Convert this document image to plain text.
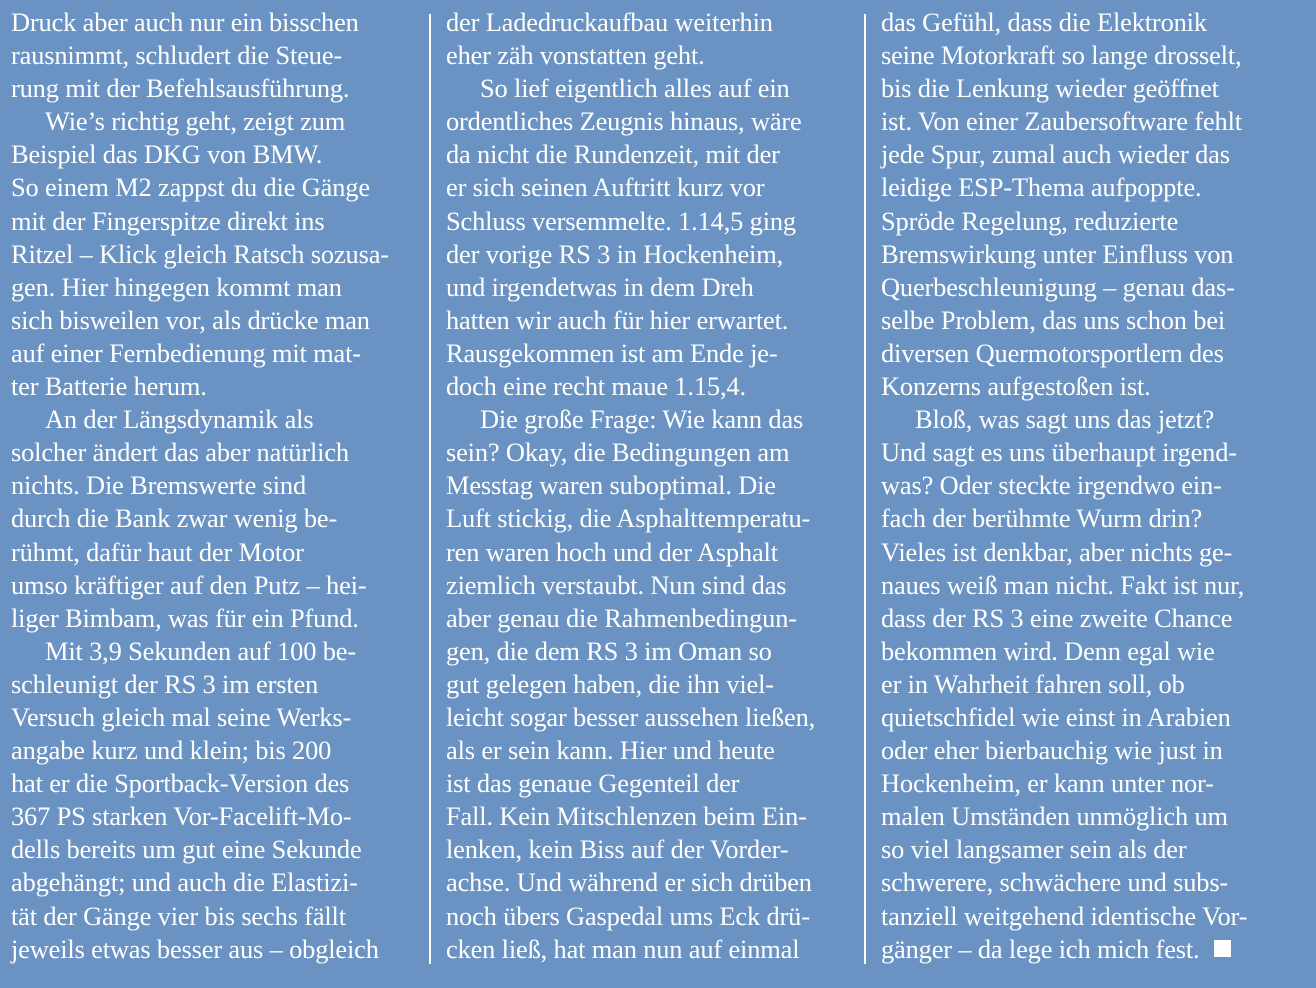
Druck aber auch nur ein bisschen
rausnimmt, schludert die Steue-
rung mit der Befehlsausführung.
Wie’s richtig geht, zeigt zum
Beispiel das DKG von BMW.
So einem M2 zappst du die Gänge
mit der Fingerspitze direkt ins
Ritzel – Klick gleich Ratsch sozusa-
gen. Hier hingegen kommt man
sich bisweilen vor, als drücke man
auf einer Fernbedienung mit mat-
ter Batterie herum.
An der Längsdynamik als
solcher ändert das aber natürlich
nichts. Die Bremswerte sind
durch die Bank zwar wenig be-
rühmt, dafür haut der Motor
umso kräftiger auf den Putz – hei-
liger Bimbam, was für ein Pfund.
Mit 3,9 Sekunden auf 100 be-
schleunigt der RS 3 im ersten
Versuch gleich mal seine Werks-
angabe kurz und klein; bis 200
hat er die Sportback-Version des
367 PS starken Vor-Facelift-Mo-
dells bereits um gut eine Sekunde
abgehängt; und auch die Elastizi-
tät der Gänge vier bis sechs fällt
jeweils etwas besser aus – obgleich
der Ladedruckaufbau weiterhin
eher zäh vonstatten geht.
So lief eigentlich alles auf ein
ordentliches Zeugnis hinaus, wäre
da nicht die Rundenzeit, mit der
er sich seinen Auftritt kurz vor
Schluss versemmelte. 1.14,5 ging
der vorige RS 3 in Hockenheim,
und irgendetwas in dem Dreh
hatten wir auch für hier erwartet.
Rausgekommen ist am Ende je-
doch eine recht maue 1.15,4.
Die große Frage: Wie kann das
sein? Okay, die Bedingungen am
Messtag waren suboptimal. Die
Luft stickig, die Asphalttemperatu-
ren waren hoch und der Asphalt
ziemlich verstaubt. Nun sind das
aber genau die Rahmenbedingun-
gen, die dem RS 3 im Oman so
gut gelegen haben, die ihn viel-
leicht sogar besser aussehen ließen,
als er sein kann. Hier und heute
ist das genaue Gegenteil der
Fall. Kein Mitschlenzen beim Ein-
lenken, kein Biss auf der Vorder-
achse. Und während er sich drüben
noch übers Gaspedal ums Eck drü-
cken ließ, hat man nun auf einmal
das Gefühl, dass die Elektronik
seine Motorkraft so lange drosselt,
bis die Lenkung wieder geöffnet
ist. Von einer Zaubersoftware fehlt
jede Spur, zumal auch wieder das
leidige ESP-Thema aufpoppte.
Spröde Regelung, reduzierte
Bremswirkung unter Einfluss von
Querbeschleunigung – genau das-
selbe Problem, das uns schon bei
diversen Quermotorsportlern des
Konzerns aufgestoßen ist.
Bloß, was sagt uns das jetzt?
Und sagt es uns überhaupt irgend-
was? Oder steckte irgendwo ein-
fach der berühmte Wurm drin?
Vieles ist denkbar, aber nichts ge-
naues weiß man nicht. Fakt ist nur,
dass der RS 3 eine zweite Chance
bekommen wird. Denn egal wie
er in Wahrheit fahren soll, ob
quietschfidel wie einst in Arabien
oder eher bierbauchig wie just in
Hockenheim, er kann unter nor-
malen Umständen unmöglich um
so viel langsamer sein als der
schwerere, schwächere und subs-
tanziell weitgehend identische Vor-
gänger – da lege ich mich fest.
